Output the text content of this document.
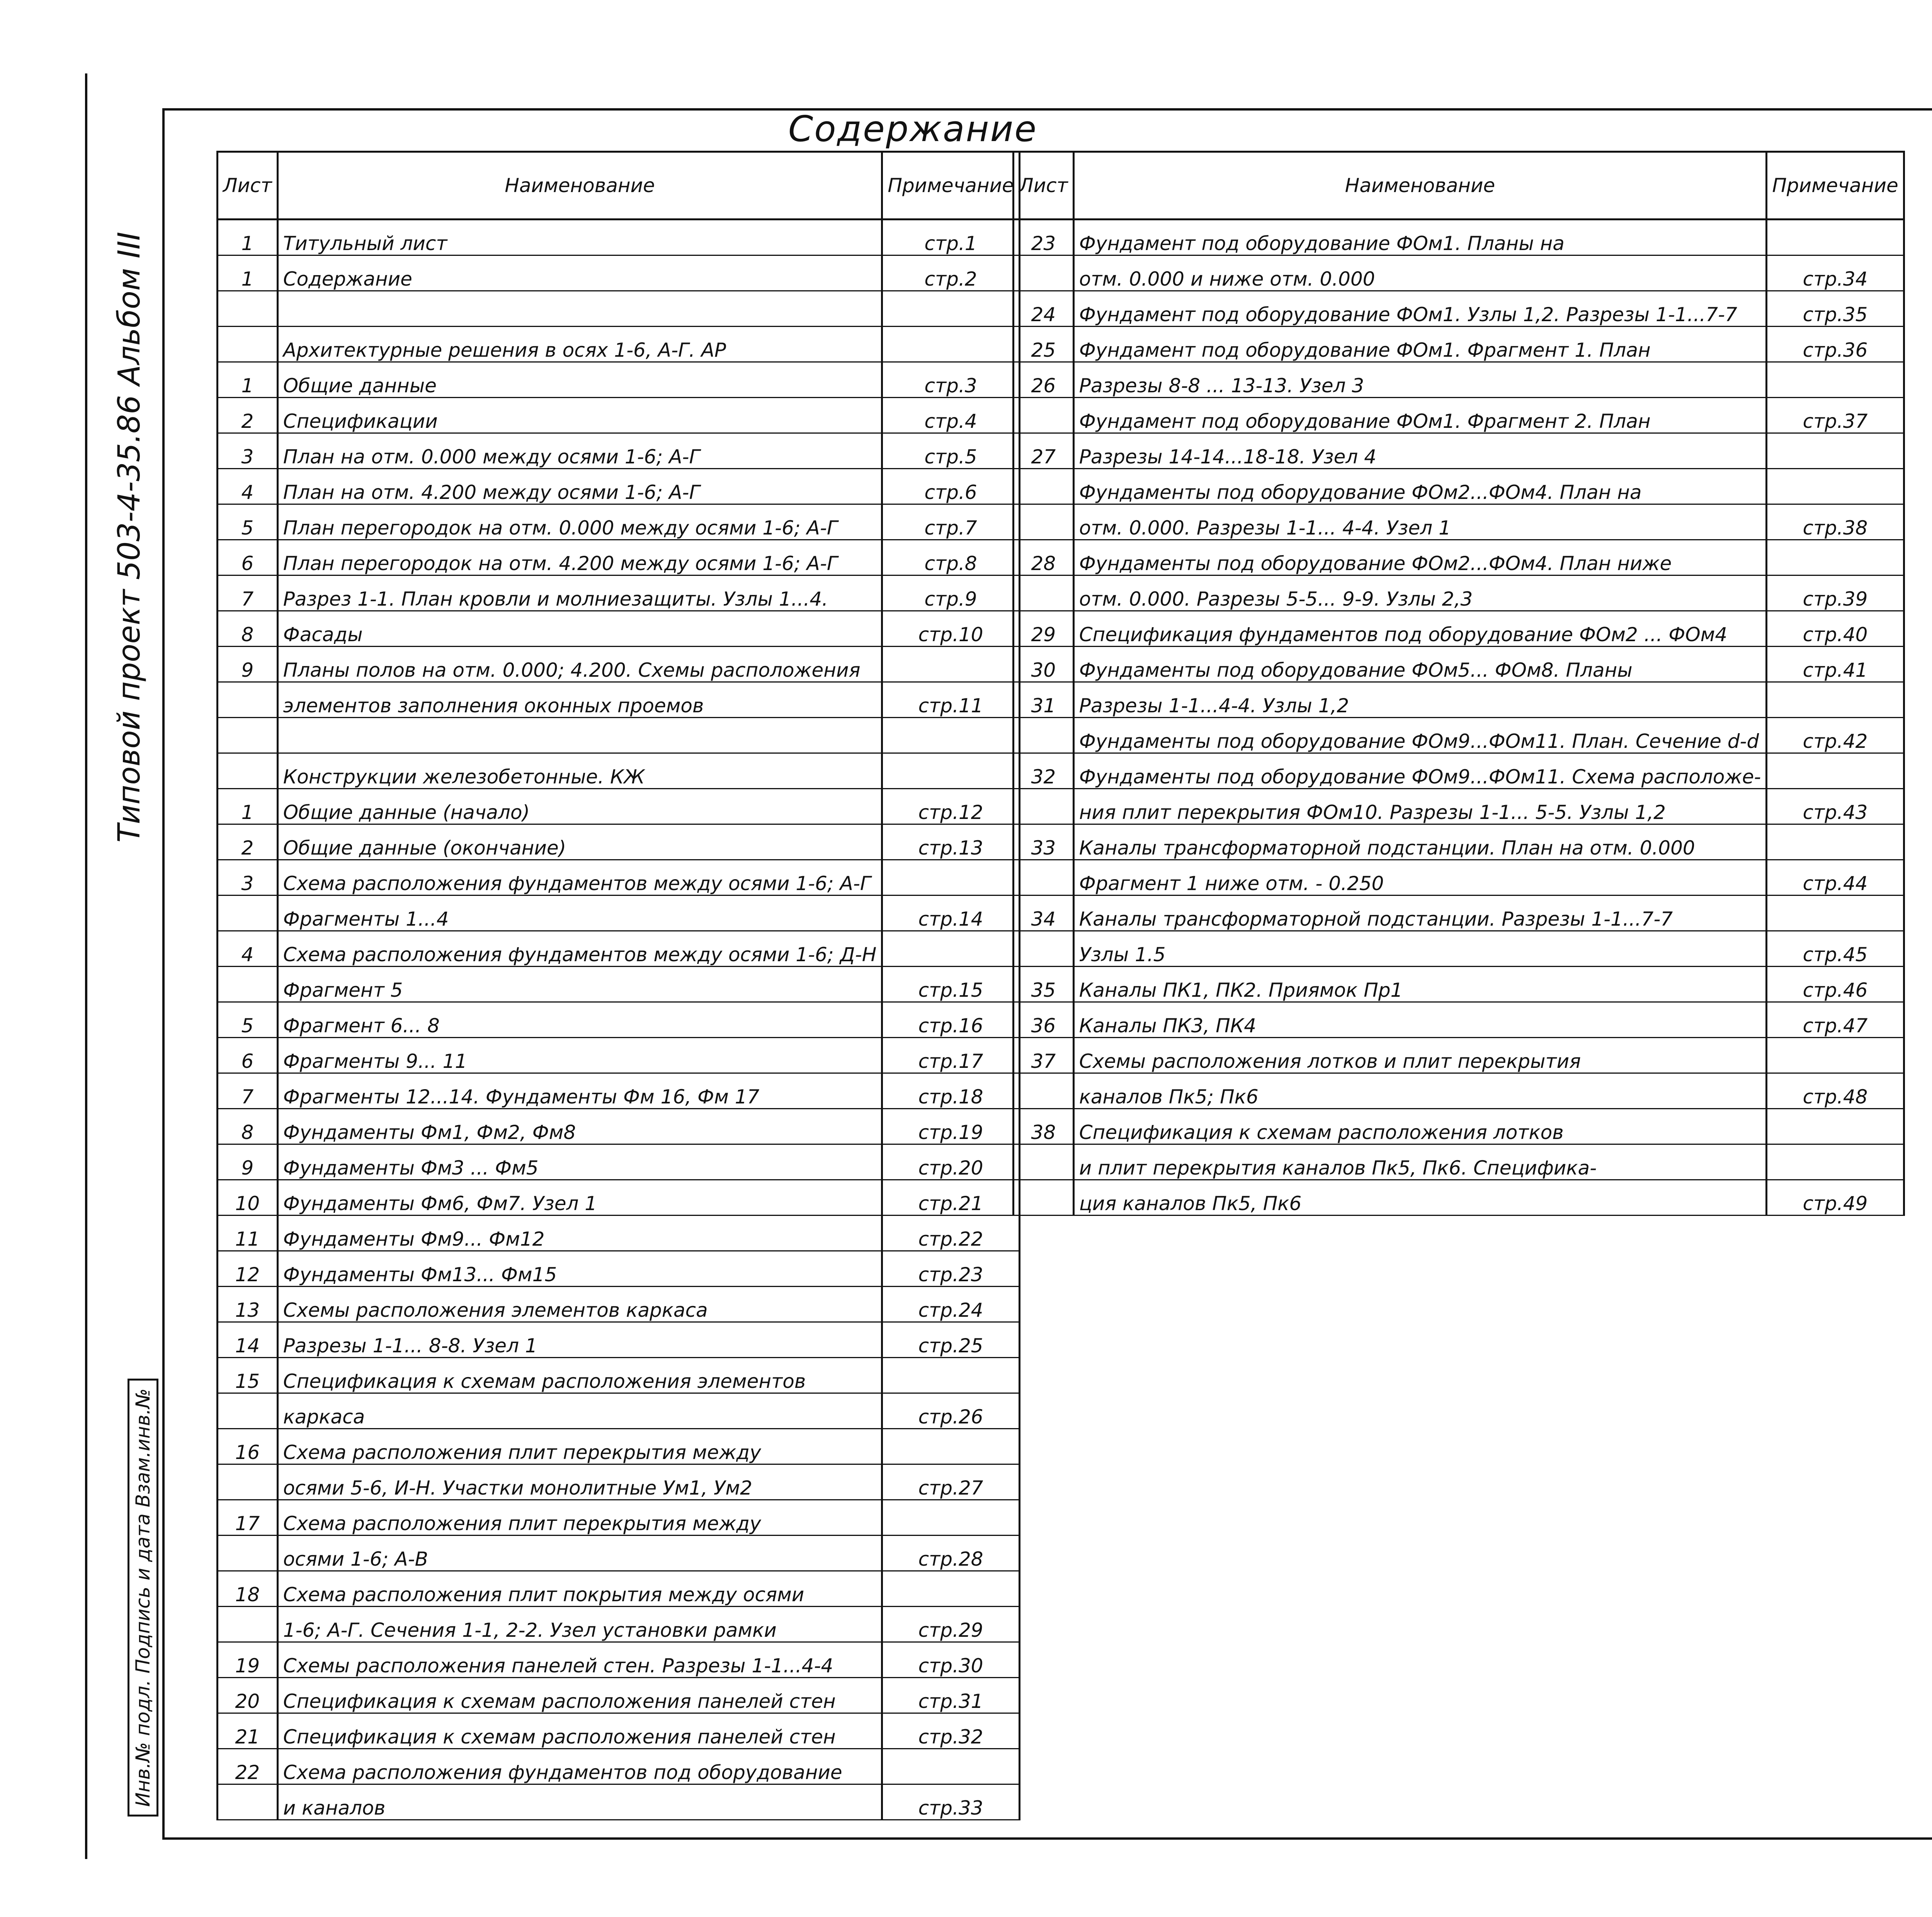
Содержание
Типовой проект 503-4-35.86 Альбом III
Инв.№ подл. Подпись и дата Взам.инв.№
Лист	Наименование	Примечание
1	Титульный лист	стр.1
1	Содержание	стр.2

	Архитектурные решения в осях 1-6, А-Г. АР	
1	Общие данные	стр.3
2	Спецификации	стр.4
3	План на отм. 0.000 между осями 1-6; А-Г	стр.5
4	План на отм. 4.200 между осями 1-6; А-Г	стр.6
5	План перегородок на отм. 0.000 между осями 1-6; А-Г	стр.7
6	План перегородок на отм. 4.200 между осями 1-6; А-Г	стр.8
7	Разрез 1-1. План кровли и молниезащиты. Узлы 1...4.	стр.9
8	Фасады	стр.10
9	Планы полов на отм. 0.000; 4.200. Схемы расположения	
	элементов заполнения оконных проемов	стр.11

	Конструкции железобетонные. КЖ	
1	Общие данные (начало)	стр.12
2	Общие данные (окончание)	стр.13
3	Схема расположения фундаментов между осями 1-6; А-Г	
	Фрагменты 1...4	стр.14
4	Схема расположения фундаментов между осями 1-6; Д-Н	
	Фрагмент 5	стр.15
5	Фрагмент 6... 8	стр.16
6	Фрагменты 9... 11	стр.17
7	Фрагменты 12...14. Фундаменты Фм 16, Фм 17	стр.18
8	Фундаменты Фм1, Фм2, Фм8	стр.19
9	Фундаменты Фм3 ... Фм5	стр.20
10	Фундаменты Фм6, Фм7. Узел 1	стр.21
11	Фундаменты Фм9... Фм12	стр.22
12	Фундаменты Фм13... Фм15	стр.23
13	Схемы расположения элементов каркаса	стр.24
14	Разрезы 1-1... 8-8. Узел 1	стр.25
15	Спецификация к схемам расположения элементов	
	каркаса	стр.26
16	Схема расположения плит перекрытия между	
	осями 5-6, И-Н. Участки монолитные Ум1, Ум2	стр.27
17	Схема расположения плит перекрытия между	
	осями 1-6; А-В	стр.28
18	Схема расположения плит покрытия между осями	
	1-6; А-Г. Сечения 1-1, 2-2. Узел установки рамки	стр.29
19	Схемы расположения панелей стен. Разрезы 1-1...4-4	стр.30
20	Спецификация к схемам расположения панелей стен	стр.31
21	Спецификация к схемам расположения панелей стен	стр.32
22	Схема расположения фундаментов под оборудование	
	и каналов	стр.33
Лист	Наименование	Примечание
23	Фундамент под оборудование ФОм1. Планы на	
	отм. 0.000 и ниже отм. 0.000	стр.34
24	Фундамент под оборудование ФОм1. Узлы 1,2. Разрезы 1-1...7-7	стр.35
25	Фундамент под оборудование ФОм1. Фрагмент 1. План	стр.36
26	Разрезы 8-8 ... 13-13. Узел 3	
	Фундамент под оборудование ФОм1. Фрагмент 2. План	стр.37
27	Разрезы 14-14...18-18. Узел 4	
	Фундаменты под оборудование ФОм2...ФОм4. План на	
	отм. 0.000. Разрезы 1-1... 4-4. Узел 1	стр.38
28	Фундаменты под оборудование ФОм2...ФОм4. План ниже	
	отм. 0.000. Разрезы 5-5... 9-9. Узлы 2,3	стр.39
29	Спецификация фундаментов под оборудование ФОм2 ... ФОм4	стр.40
30	Фундаменты под оборудование ФОм5... ФОм8. Планы	стр.41
31	Разрезы 1-1...4-4. Узлы 1,2	
	Фундаменты под оборудование ФОм9...ФОм11. План. Сечение d-d	стр.42
32	Фундаменты под оборудование ФОм9...ФОм11. Схема расположе-	
	ния плит перекрытия ФОм10. Разрезы 1-1... 5-5. Узлы 1,2	стр.43
33	Каналы трансформаторной подстанции. План на отм. 0.000	
	Фрагмент 1 ниже отм. - 0.250	стр.44
34	Каналы трансформаторной подстанции. Разрезы 1-1...7-7	
	Узлы 1.5	стр.45
35	Каналы ПК1, ПК2. Приямок Пр1	стр.46
36	Каналы ПК3, ПК4	стр.47
37	Схемы расположения лотков и плит перекрытия	
	каналов Пк5; Пк6	стр.48
38	Спецификация к схемам расположения лотков	
	и плит перекрытия каналов Пк5, Пк6. Специфика-	
	ция каналов Пк5, Пк6	стр.49
